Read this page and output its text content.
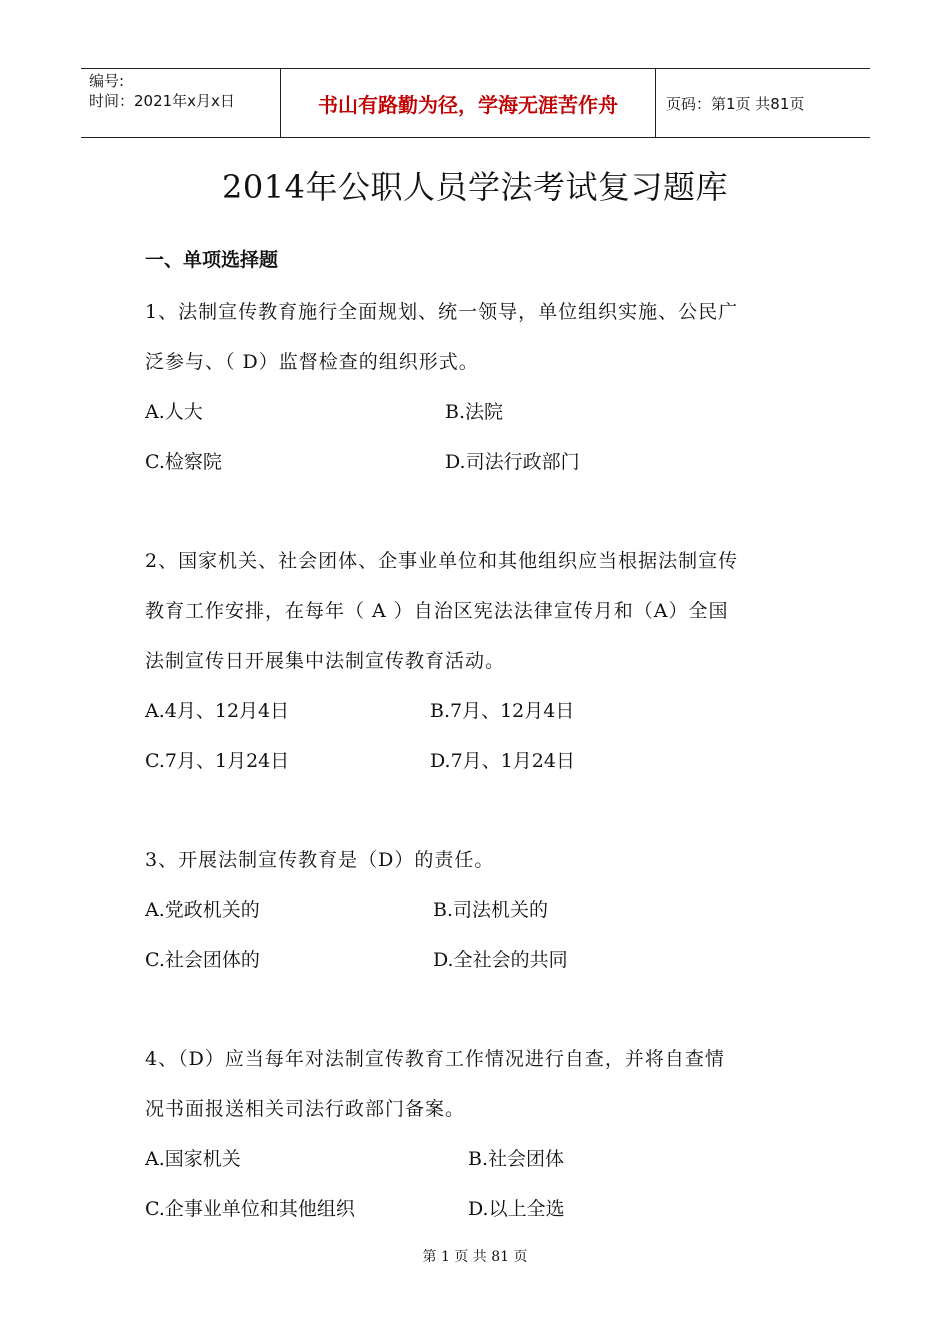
编号:
时间：2021年x月x日	书山有路勤为径，学海无涯苦作舟	页码：第1页 共81页
2014年公职人员学法考试复习题库
一、单项选择题
1、法制宣传教育施行全面规划、统一领导，单位组织实施、公民广
泛参与、（ D）监督检查的组织形式。
A.人大	B.法院
C.检察院	D.司法行政部门
2、国家机关、社会团体、企事业单位和其他组织应当根据法制宣传
教育工作安排，在每年（ A ）自治区宪法法律宣传月和（A）全国
法制宣传日开展集中法制宣传教育活动。
A.4月、12月4日	B.7月、12月4日
C.7月、1月24日	D.7月、1月24日
3、开展法制宣传教育是（D）的责任。
A.党政机关的	B.司法机关的
C.社会团体的	D.全社会的共同
4、（D）应当每年对法制宣传教育工作情况进行自查，并将自查情
况书面报送相关司法行政部门备案。
A.国家机关	B.社会团体
C.企事业单位和其他组织	D.以上全选
第 1 页 共 81 页
